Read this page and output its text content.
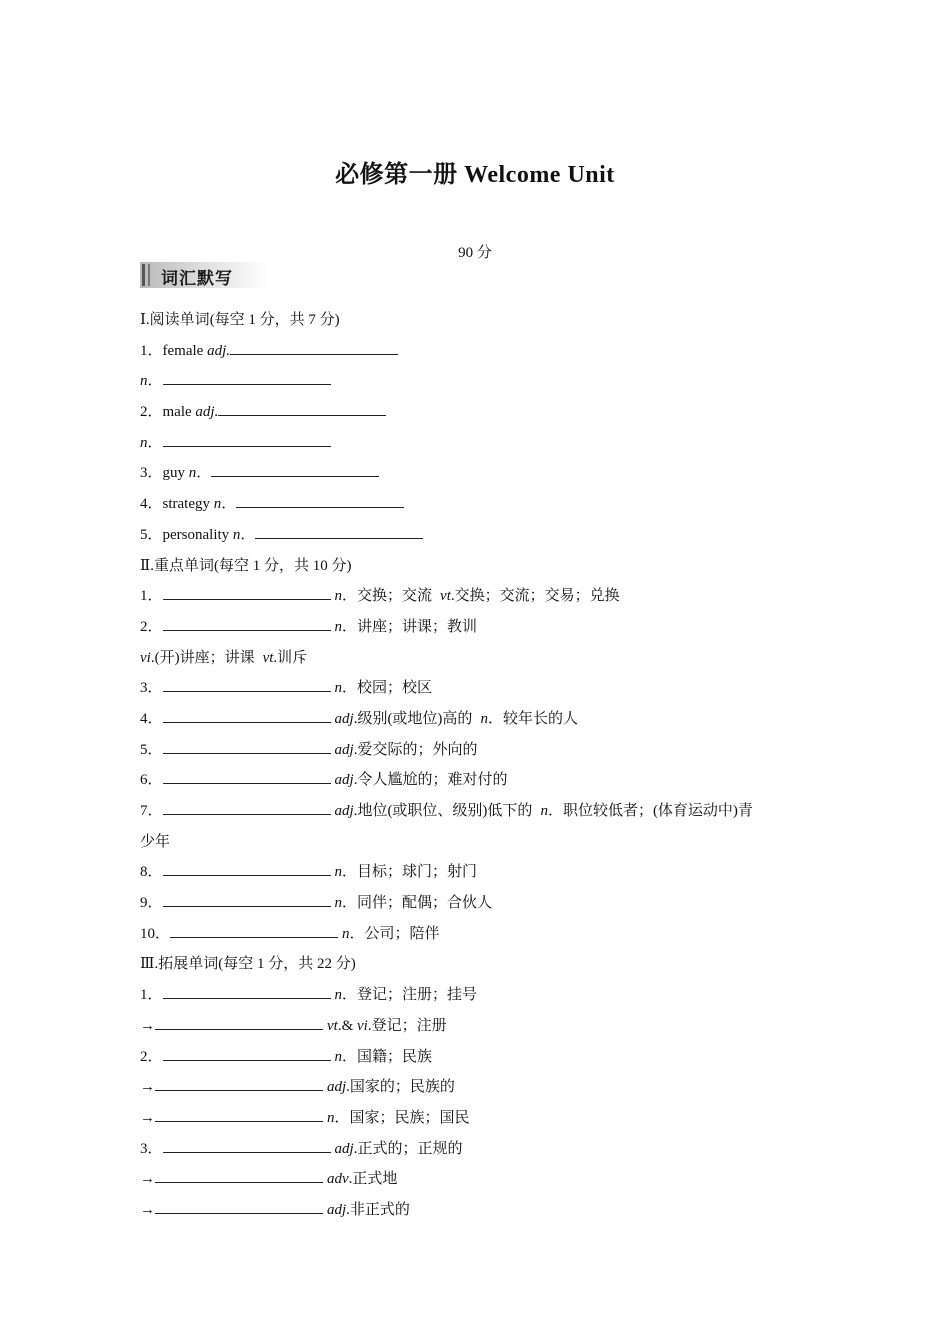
必修第一册 Welcome Unit
90 分
词汇默写
Ⅰ.阅读单词(每空 1 分，共 7 分)
1．female adj.
n．
2．male adj.
n．
3．guy n．
4．strategy n．
5．personality n．
Ⅱ.重点单词(每空 1 分，共 10 分)
1．	n．交换；交流 vt.交换；交流；交易；兑换
2．	n．讲座；讲课；教训
vi.(开)讲座；讲课 vt.训斥
3．	n．校园；校区
4．	adj.级别(或地位)高的 n．较年长的人
5．	adj.爱交际的；外向的
6．	adj.令人尴尬的；难对付的
7．	adj.地位(或职位、级别)低下的 n．职位较低者；(体育运动中)青
少年
8．	n．目标；球门；射门
9．	n．同伴；配偶；合伙人
10．	n．公司；陪伴
Ⅲ.拓展单词(每空 1 分，共 22 分)
1．	n．登记；注册；挂号
→	vt.& vi.登记；注册
2．	n．国籍；民族
→	adj.国家的；民族的
→	n．国家；民族；国民
3．	adj.正式的；正规的
→	adv.正式地
→	adj.非正式的
